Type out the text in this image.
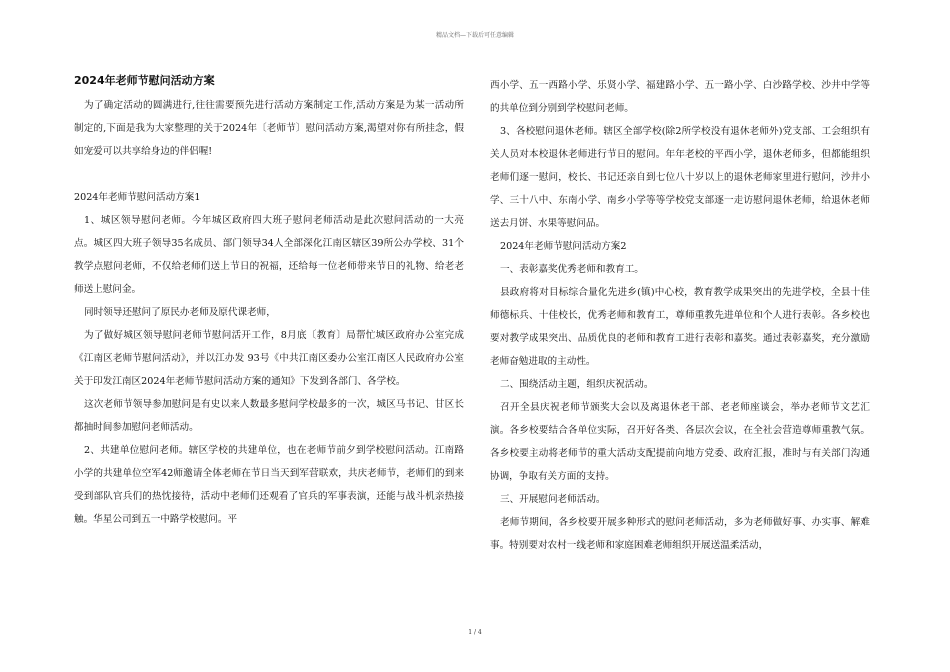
精品文档—下载后可任意编辑
2024年老师节慰问活动方案

为了确定活动的圆满进行,往往需要预先进行活动方案制定工作,活动方案是为某一活动所制定的,下面是我为大家整理的关于2024年〔老师节〕慰问活动方案,渴望对你有所挂念，假如宠爱可以共享给身边的伴侣喔!

2024年老师节慰问活动方案1

1、城区领导慰问老师。今年城区政府四大班子慰问老师活动是此次慰问活动的一大亮点。城区四大班子领导35名成员、部门领导34人全部深化江南区辖区39所公办学校、31个教学点慰问老师，不仅给老师们送上节日的祝福，还给每一位老师带来节日的礼物、给老老师送上慰问金。

同时领导还慰问了原民办老师及原代课老师，

为了做好城区领导慰问老师节慰问活开工作，8月底〔教育〕局帮忙城区政府办公室完成《江南区老师节慰问活动》，并以江办发 93号《中共江南区委办公室江南区人民政府办公室关于印发江南区2024年老师节慰问活动方案的通知》下发到各部门、各学校。

这次老师节领导参加慰问是有史以来人数最多慰问学校最多的一次，城区马书记、甘区长都抽时间参加慰问老师活动。

2、共建单位慰问老师。辖区学校的共建单位，也在老师节前夕到学校慰问活动。江南路小学的共建单位空军42师邀请全体老师在节日当天到军营联欢，共庆老师节，老师们的到来受到部队官兵们的热忱接待，活动中老师们还观看了官兵的军事表演，还能与战斗机亲热接触。华星公司到五一中路学校慰问。平

西小学、五一西路小学、乐贤小学、福建路小学、五一路小学、白沙路学校、沙井中学等的共单位到分别到学校慰问老师。

3、各校慰问退休老师。辖区全部学校(除2所学校没有退休老师外)党支部、工会组织有关人员对本校退休老师进行节日的慰问。年年老校的平西小学，退休老师多，但都能组织老师们逐一慰问，校长、书记还亲自到七位八十岁以上的退休老师家里进行慰问，沙井小学、三十八中、东南小学、南乡小学等等学校党支部逐一走访慰问退休老师，给退休老师送去月饼、水果等慰问品。

2024年老师节慰问活动方案2

一、表彰嘉奖优秀老师和教育工。

县政府将对目标综合量化先进乡(镇)中心校，教育教学成果突出的先进学校，全县十佳师德标兵、十佳校长，优秀老师和教育工，尊师重教先进单位和个人进行表彰。各乡校也要对教学成果突出、品质优良的老师和教育工进行表彰和嘉奖。通过表彰嘉奖，充分激励老师奋勉进取的主动性。

二、围绕活动主题，组织庆祝活动。

召开全县庆祝老师节颁奖大会以及离退休老干部、老老师座谈会，举办老师节文艺汇演。各乡校要结合各单位实际，召开好各类、各层次会议，在全社会营造尊师重教气氛。各乡校要主动将老师节的重大活动支配提前向地方党委、政府汇报，准时与有关部门沟通协调，争取有关方面的支持。

三、开展慰问老师活动。

老师节期间，各乡校要开展多种形式的慰问老师活动，多为老师做好事、办实事、解难事。特别要对农村一线老师和家庭困难老师组织开展送温柔活动，

1 / 4
